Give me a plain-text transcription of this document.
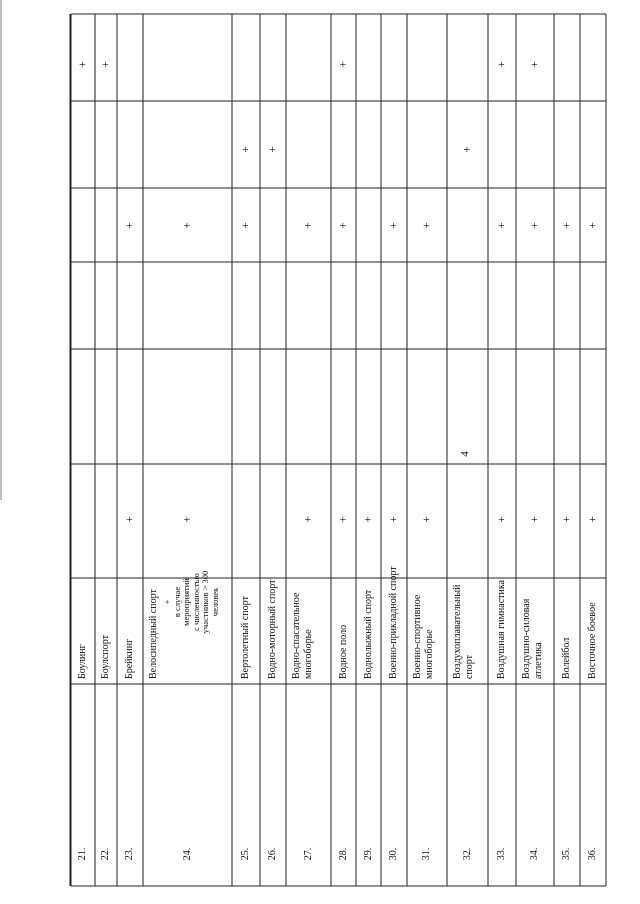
4
21.
Боулинг
22.
Боулспорт
23.
Брейкинг
24.
Велосипедный спорт
25.
Вертолетный спорт
26.
Водно-моторный спорт
27.
Водно-спасательное многоборье
28.
Водное поло
29.
Воднолыжный спорт
30.
Военно-прикладной спорт
31.
Военно-спортивное многоборье
32.
Воздухоплавательный спорт
33.
Воздушная гимнастика
34.
Воздушно-силовая атлетика
35.
Волейбол
36.
Восточное боевое
+ в случае мероприятий с численностью участников > 300 человек
+ +
+
+
+
+
+
+
+
+
+
+
+
+ +
+
+
+
+
+
+
+
+
+
+
+
+
+
+
+
